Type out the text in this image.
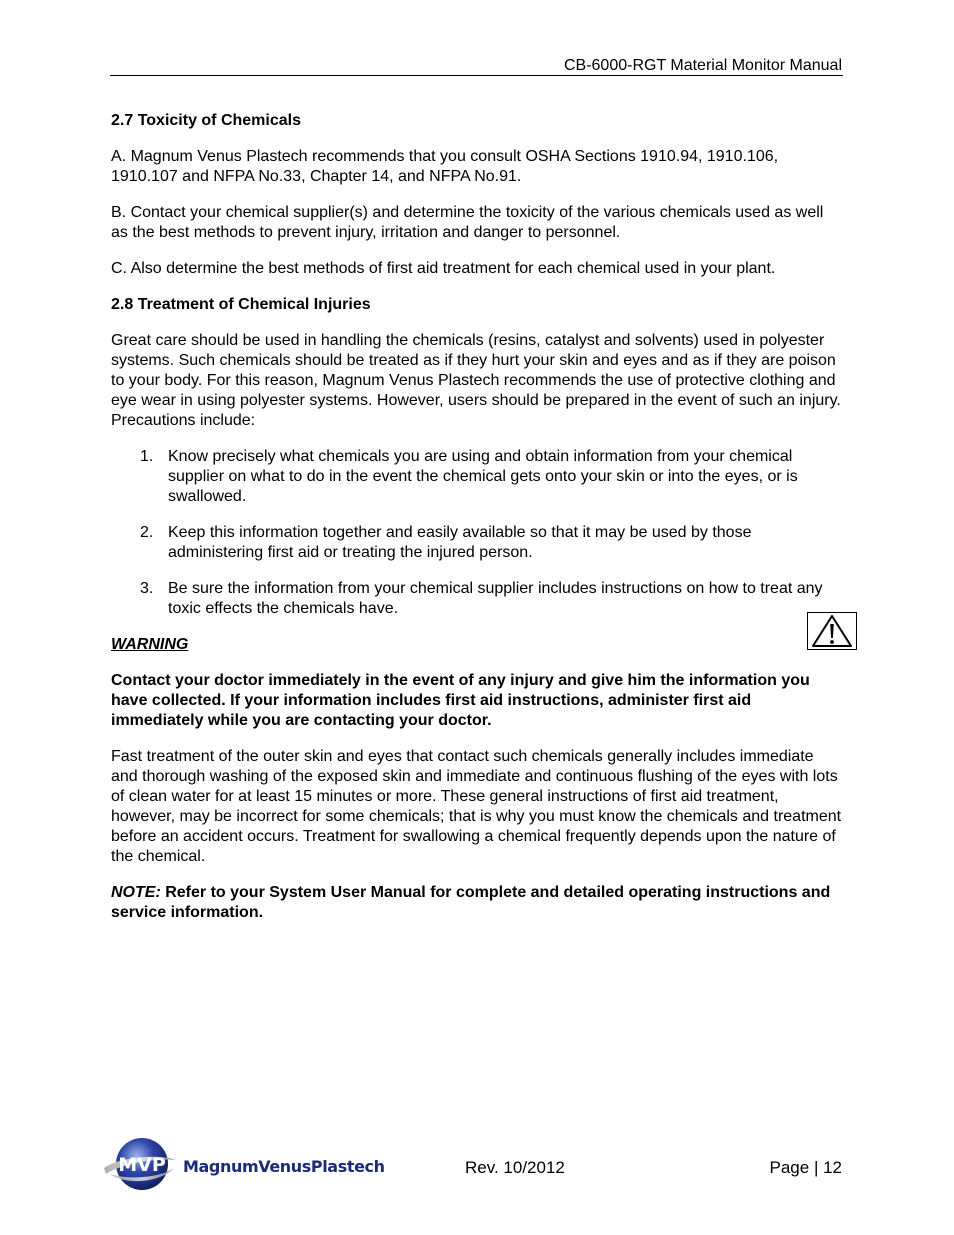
CB-6000-RGT Material Monitor Manual
2.7 Toxicity of Chemicals

A. Magnum Venus Plastech recommends that you consult OSHA Sections 1910.94, 1910.106, 1910.107 and NFPA No.33, Chapter 14, and NFPA No.91.

B. Contact your chemical supplier(s) and determine the toxicity of the various chemicals used as well as the best methods to prevent injury, irritation and danger to personnel.

C. Also determine the best methods of first aid treatment for each chemical used in your plant.

2.8 Treatment of Chemical Injuries

Great care should be used in handling the chemicals (resins, catalyst and solvents) used in polyester systems. Such chemicals should be treated as if they hurt your skin and eyes and as if they are poison to your body. For this reason, Magnum Venus Plastech recommends the use of protective clothing and eye wear in using polyester systems. However, users should be prepared in the event of such an injury. Precautions include:

1. Know precisely what chemicals you are using and obtain information from your chemical supplier on what to do in the event the chemical gets onto your skin or into the eyes, or is swallowed.
2. Keep this information together and easily available so that it may be used by those administering first aid or treating the injured person.
3. Be sure the information from your chemical supplier includes instructions on how to treat any toxic effects the chemicals have.
WARNING

Contact your doctor immediately in the event of any injury and give him the information you have collected. If your information includes first aid instructions, administer first aid immediately while you are contacting your doctor.

Fast treatment of the outer skin and eyes that contact such chemicals generally includes immediate and thorough washing of the exposed skin and immediate and continuous flushing of the eyes with lots of clean water for at least 15 minutes or more. These general instructions of first aid treatment, however, may be incorrect for some chemicals; that is why you must know the chemicals and treatment before an accident occurs. Treatment for swallowing a chemical frequently depends upon the nature of the chemical.

NOTE: Refer to your System User Manual for complete and detailed operating instructions and service information.

MVP MagnumVenusPlastech	Rev. 10/2012	Page | 12
